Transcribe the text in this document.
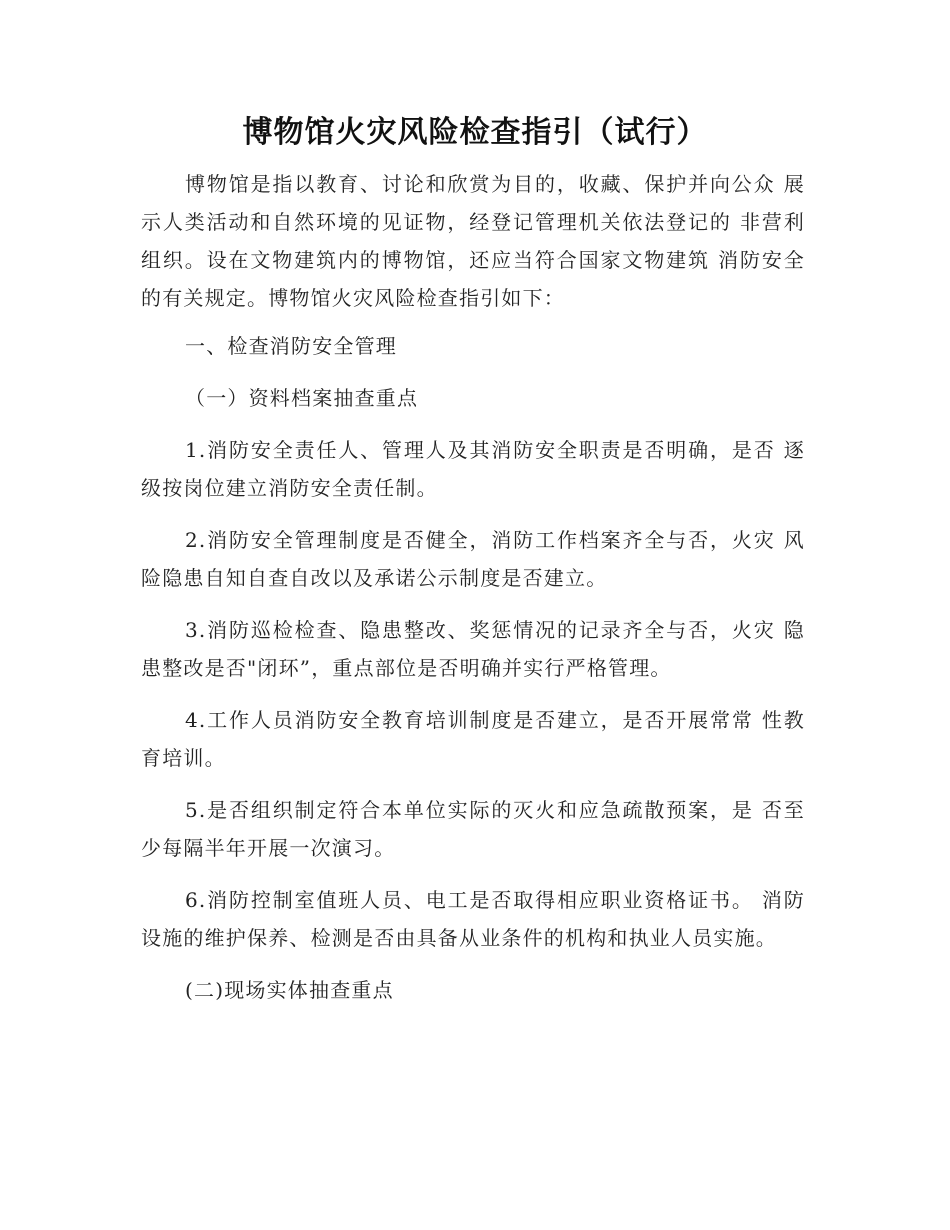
博物馆火灾风险检查指引（试行）

博物馆是指以教育、讨论和欣赏为目的，收藏、保护并向公众 展示人类活动和自然环境的见证物，经登记管理机关依法登记的 非营利组织。设在文物建筑内的博物馆，还应当符合国家文物建筑 消防安全的有关规定。博物馆火灾风险检查指引如下：

一、检查消防安全管理

（一）资料档案抽查重点

1.消防安全责任人、管理人及其消防安全职责是否明确，是否 逐级按岗位建立消防安全责任制。

2.消防安全管理制度是否健全，消防工作档案齐全与否，火灾 风险隐患自知自查自改以及承诺公示制度是否建立。

3.消防巡检检查、隐患整改、奖惩情况的记录齐全与否，火灾 隐患整改是否"闭环”，重点部位是否明确并实行严格管理。

4.工作人员消防安全教育培训制度是否建立，是否开展常常 性教育培训。

5.是否组织制定符合本单位实际的灭火和应急疏散预案，是 否至少每隔半年开展一次演习。

6.消防控制室值班人员、电工是否取得相应职业资格证书。 消防设施的维护保养、检测是否由具备从业条件的机构和执业人员实施。

(二)现场实体抽查重点
